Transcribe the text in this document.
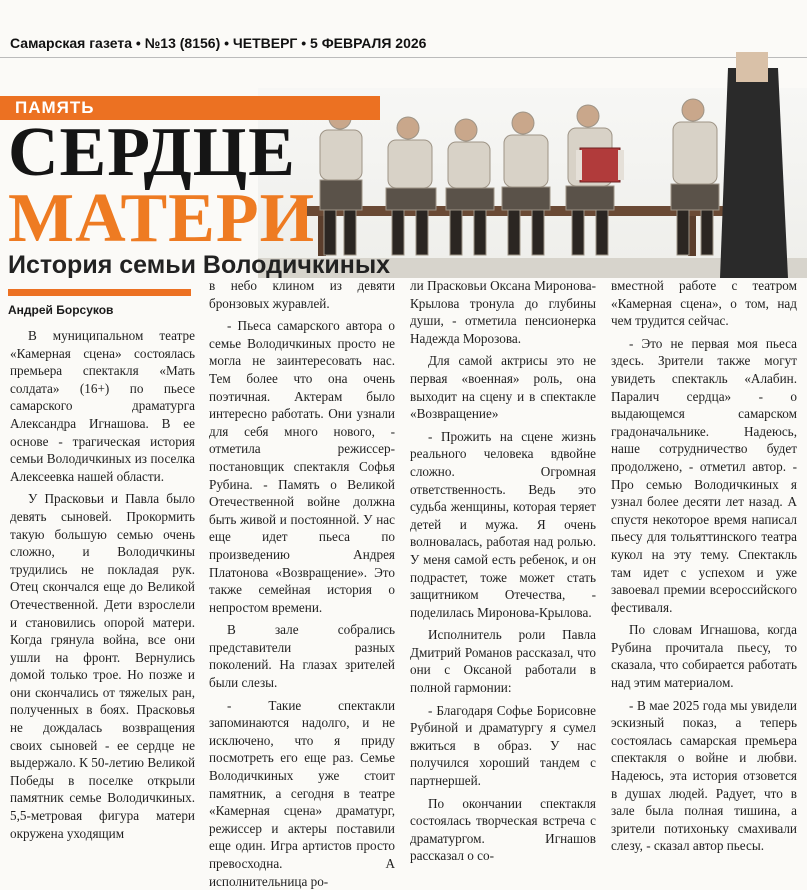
Самарская газета • №13 (8156) • ЧЕТВЕРГ • 5 ФЕВРАЛЯ 2026
ПАМЯТЬ
СЕРДЦЕ
МАТЕРИ
История семьи Володичкиных
Андрей Борсуков

В муниципальном театре «Камерная сцена» состоялась премьера спектакля «Мать солдата» (16+) по пьесе самарского драматурга Александра Игнашова. В ее основе - трагическая история семьи Володичкиных из поселка Алексеевка нашей области.

У Прасковьи и Павла было девять сыновей. Прокормить такую большую семью очень сложно, и Володичкины трудились не покладая рук. Отец скончался еще до Великой Отечественной. Дети взрослели и становились опорой матери. Когда грянула война, все они ушли на фронт. Вернулись домой только трое. Но позже и они скончались от тяжелых ран, полученных в боях. Прасковья не дождалась возвращения своих сыновей - ее сердце не выдержало. К 50-летию Великой Победы в поселке открыли памятник семье Володичкиных. 5,5-метровая фигура матери окружена уходящим

в небо клином из девяти бронзовых журавлей.

- Пьеса самарского автора о семье Володичкиных просто не могла не заинтересовать нас. Тем более что она очень поэтичная. Актерам было интересно работать. Они узнали для себя много нового, - отметила режиссер-постановщик спектакля Софья Рубина. - Память о Великой Отечественной войне должна быть живой и постоянной. У нас еще идет пьеса по произведению Андрея Платонова «Возвращение». Это также семейная история о непростом времени.

В зале собрались представители разных поколений. На глазах зрителей были слезы.

- Такие спектакли запоминаются надолго, и не исключено, что я приду посмотреть его еще раз. Семье Володичкиных уже стоит памятник, а сегодня в театре «Камерная сцена» драматург, режиссер и актеры поставили еще один. Игра артистов просто превосходна. А исполнительница ро-

ли Прасковьи Оксана Миронова-Крылова тронула до глубины души, - отметила пенсионерка Надежда Морозова.

Для самой актрисы это не первая «военная» роль, она выходит на сцену и в спектакле «Возвращение»

- Прожить на сцене жизнь реального человека вдвойне сложно. Огромная ответственность. Ведь это судьба женщины, которая теряет детей и мужа. Я очень волновалась, работая над ролью. У меня самой есть ребенок, и он подрастет, тоже может стать защитником Отечества, - поделилась Миронова-Крылова.

Исполнитель роли Павла Дмитрий Романов рассказал, что они с Оксаной работали в полной гармонии:

- Благодаря Софье Борисовне Рубиной и драматургу я сумел вжиться в образ. У нас получился хороший тандем с партнершей.

По окончании спектакля состоялась творческая встреча с драматургом. Игнашов рассказал о со-

вместной работе с театром «Камерная сцена», о том, над чем трудится сейчас.

- Это не первая моя пьеса здесь. Зрители также могут увидеть спектакль «Алабин. Паралич сердца» - о выдающемся самарском градоначальнике. Надеюсь, наше сотрудничество будет продолжено, - отметил автор. - Про семью Володичкиных я узнал более десяти лет назад. А спустя некоторое время написал пьесу для тольяттинского театра кукол на эту тему. Спектакль там идет с успехом и уже завоевал премии всероссийского фестиваля.

По словам Игнашова, когда Рубина прочитала пьесу, то сказала, что собирается работать над этим материалом.

- В мае 2025 года мы увидели эскизный показ, а теперь состоялась самарская премьера спектакля о войне и любви. Надеюсь, эта история отзовется в душах людей. Радует, что в зале была полная тишина, а зрители потихоньку смахивали слезу, - сказал автор пьесы.
